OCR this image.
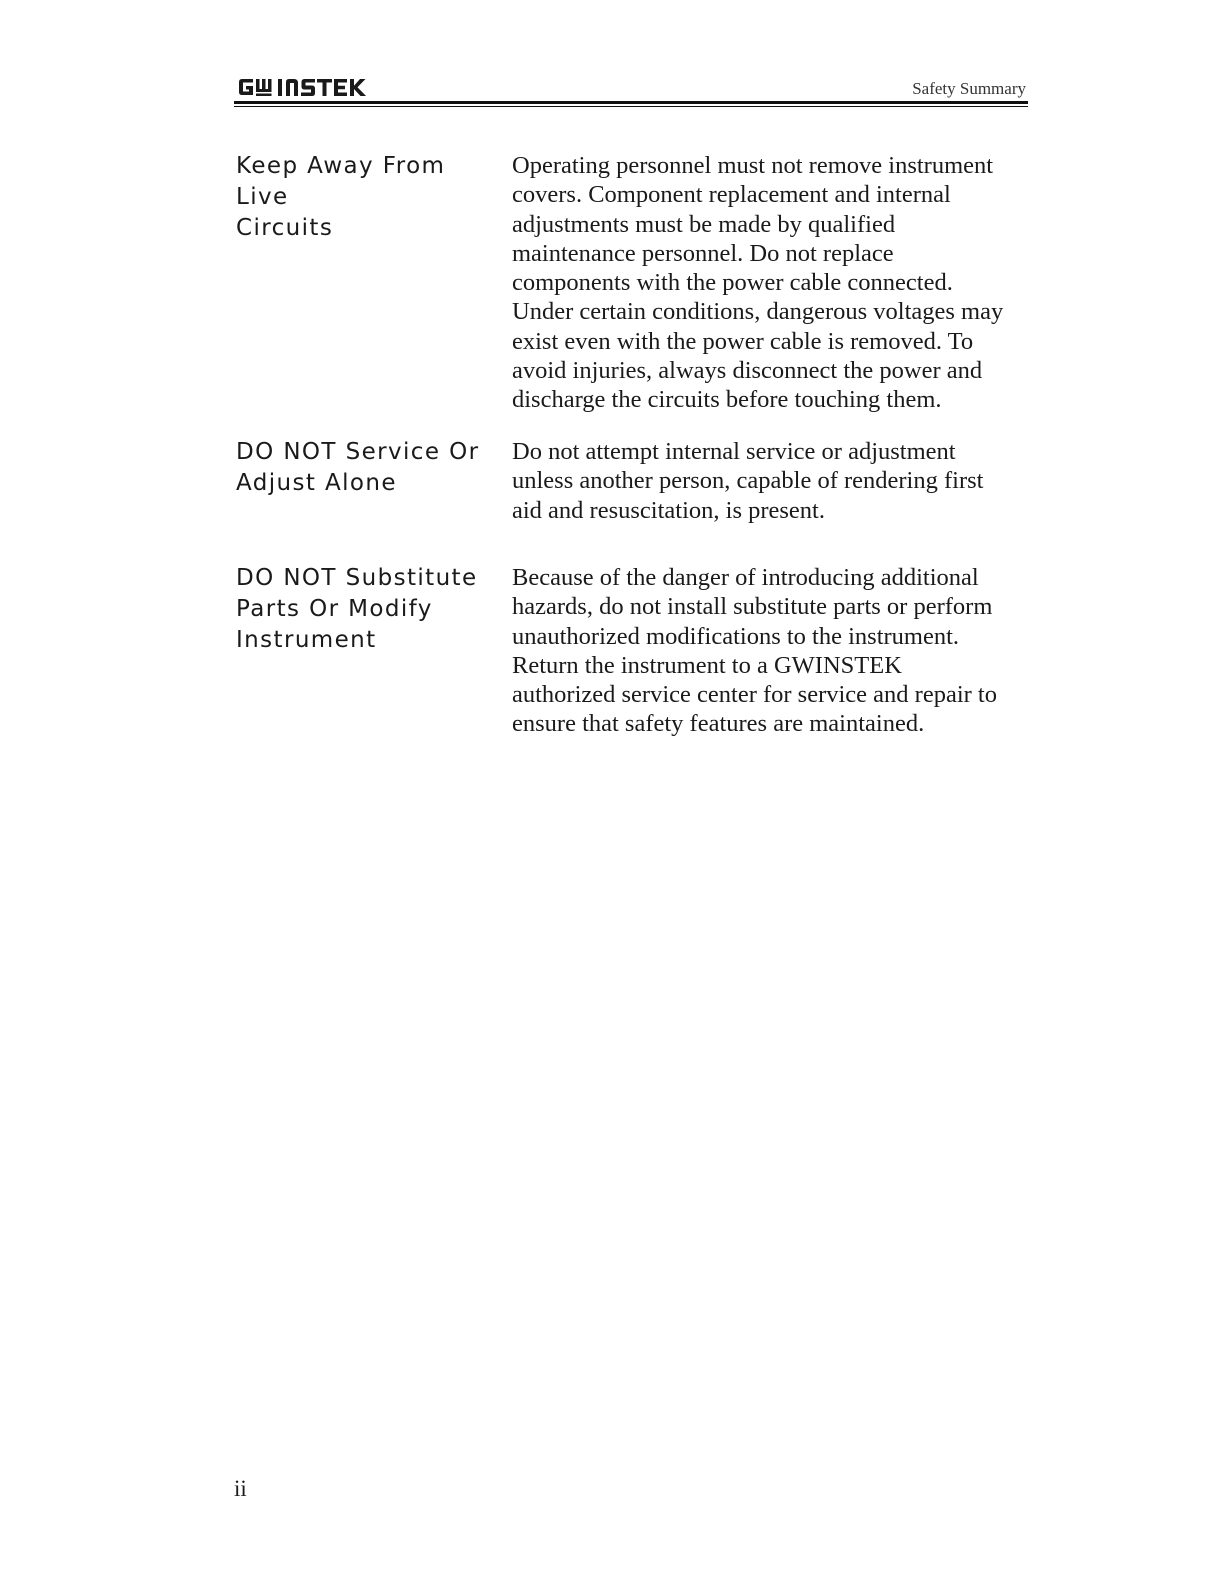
Safety Summary
Keep Away From Live
Circuits
Operating personnel must not remove instrument
covers. Component replacement and internal
adjustments must be made by qualified
maintenance personnel. Do not replace
components with the power cable connected.
Under certain conditions, dangerous voltages may
exist even with the power cable is removed. To
avoid injuries, always disconnect the power and
discharge the circuits before touching them.
DO NOT Service Or
Adjust Alone
Do not attempt internal service or adjustment
unless another person, capable of rendering first
aid and resuscitation, is present.
DO NOT Substitute
Parts Or Modify
Instrument
Because of the danger of introducing additional
hazards, do not install substitute parts or perform
unauthorized modifications to the instrument.
Return the instrument to a GWINSTEK
authorized service center for service and repair to
ensure that safety features are maintained.
ii
